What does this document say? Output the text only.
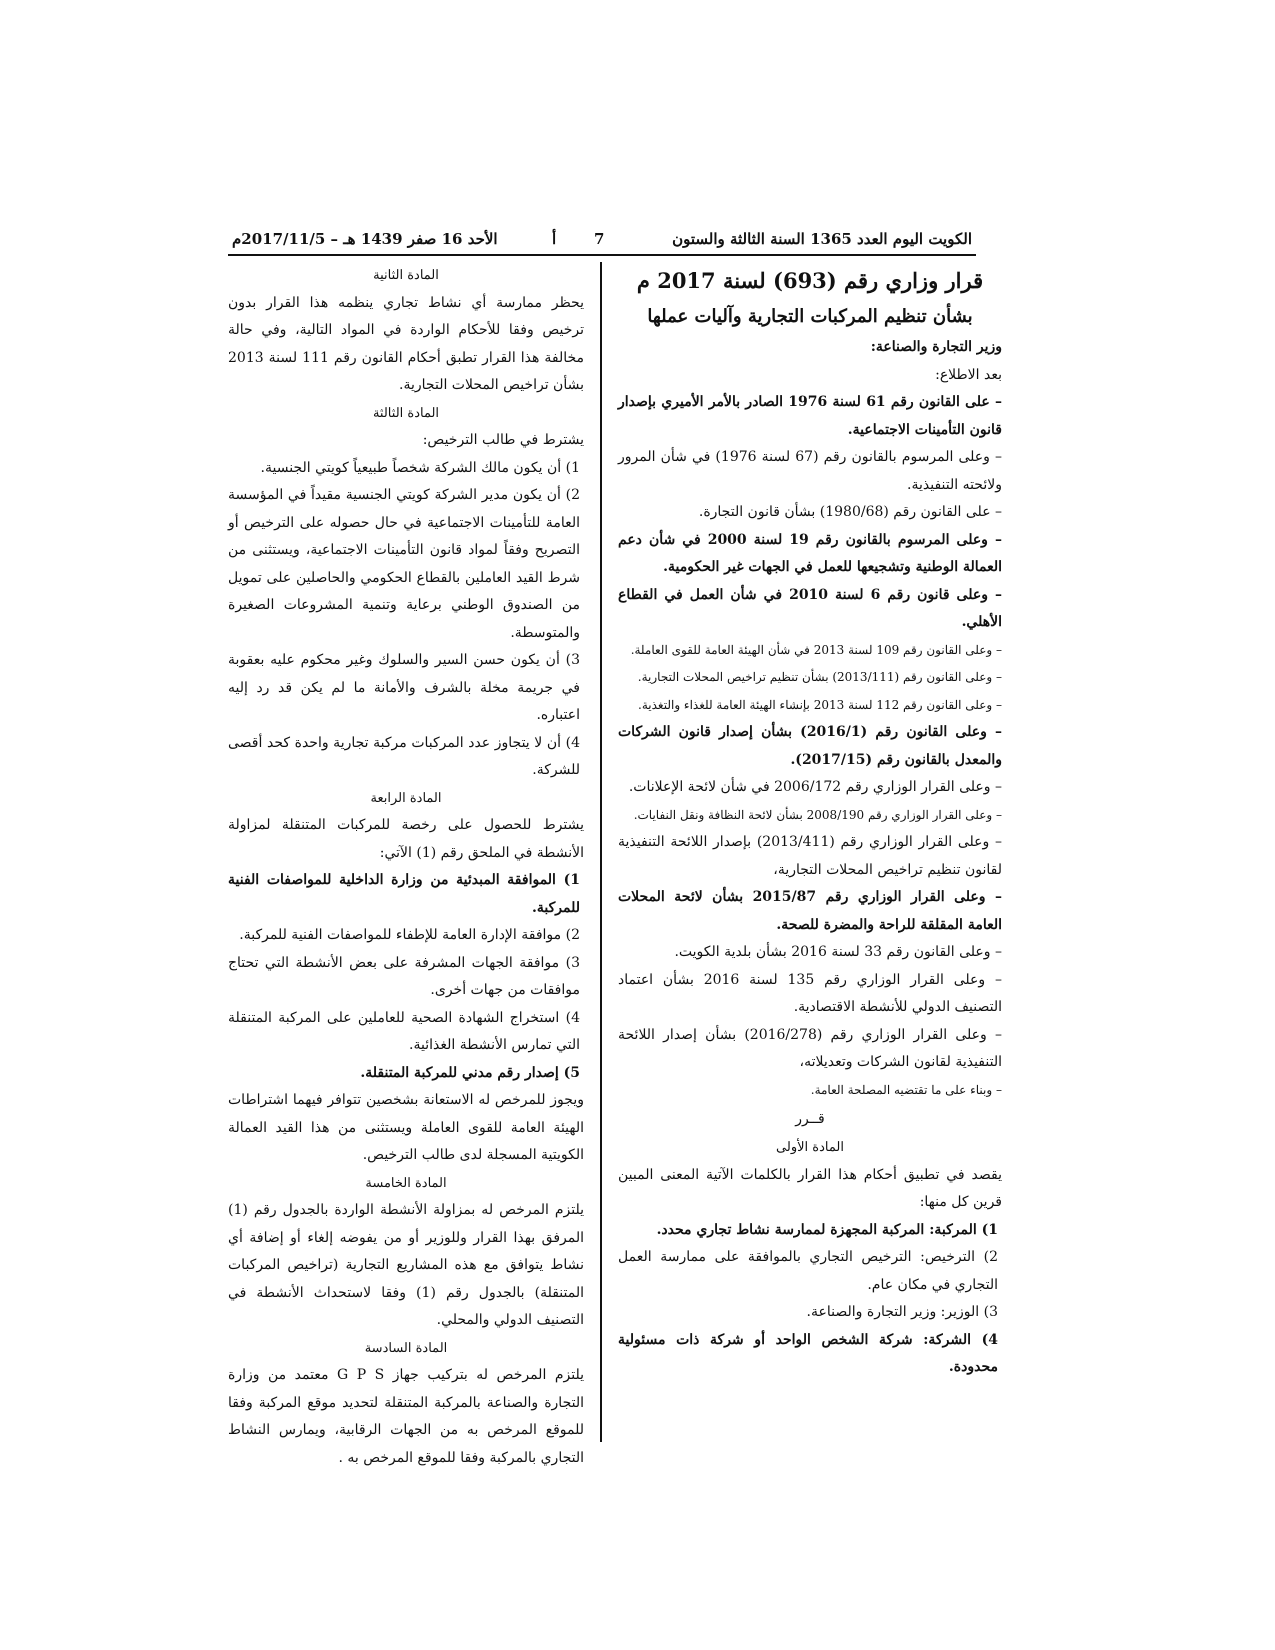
الكويت اليوم العدد 1365 السنة الثالثة والستون
7
أ
الأحد 16 صفر 1439 هـ – 2017/11/5م

قرار وزاري رقم (693) لسنة 2017 م

بشأن تنظيم المركبات التجارية وآليات عملها

وزير التجارة والصناعة:

بعد الاطلاع:

– على القانون رقم 61 لسنة 1976 الصادر بالأمر الأميري بإصدار قانون التأمينات الاجتماعية.

– وعلى المرسوم بالقانون رقم (67 لسنة 1976) في شأن المرور ولائحته التنفيذية.

– على القانون رقم (1980/68) بشأن قانون التجارة.

– وعلى المرسوم بالقانون رقم 19 لسنة 2000 في شأن دعم العمالة الوطنية وتشجيعها للعمل في الجهات غير الحكومية.

– وعلى قانون رقم 6 لسنة 2010 في شأن العمل في القطاع الأهلي.

– وعلى القانون رقم 109 لسنة 2013 في شأن الهيئة العامة للقوى العاملة.

– وعلى القانون رقم (2013/111) بشأن تنظيم تراخيص المحلات التجارية.

– وعلى القانون رقم 112 لسنة 2013 بإنشاء الهيئة العامة للغذاء والتغذية.

– وعلى القانون رقم (2016/1) بشأن إصدار قانون الشركات والمعدل بالقانون رقم (2017/15).

– وعلى القرار الوزاري رقم 2006/172 في شأن لائحة الإعلانات.

– وعلى القرار الوزاري رقم 2008/190 بشأن لائحة النظافة ونقل النفايات.

– وعلى القرار الوزاري رقم (2013/411) بإصدار اللائحة التنفيذية لقانون تنظيم تراخيص المحلات التجارية،

– وعلى القرار الوزاري رقم 2015/87 بشأن لائحة المحلات العامة المقلقة للراحة والمضرة للصحة.

– وعلى القانون رقم 33 لسنة 2016 بشأن بلدية الكويت.

– وعلى القرار الوزاري رقم 135 لسنة 2016 بشأن اعتماد التصنيف الدولي للأنشطة الاقتصادية.

– وعلى القرار الوزاري رقم (2016/278) بشأن إصدار اللائحة التنفيذية لقانون الشركات وتعديلاته،

– وبناء على ما تقتضيه المصلحة العامة.

قــرر

المادة الأولى

يقصد في تطبيق أحكام هذا القرار بالكلمات الآتية المعنى المبين قرين كل منها:

1) المركبة: المركبة المجهزة لممارسة نشاط تجاري محدد.

2) الترخيص: الترخيص التجاري بالموافقة على ممارسة العمل التجاري في مكان عام.

3) الوزير: وزير التجارة والصناعة.

4) الشركة: شركة الشخص الواحد أو شركة ذات مسئولية محدودة.

المادة الثانية

يحظر ممارسة أي نشاط تجاري ينظمه هذا القرار بدون ترخيص وفقا للأحكام الواردة في المواد التالية، وفي حالة مخالفة هذا القرار تطبق أحكام القانون رقم 111 لسنة 2013 بشأن تراخيص المحلات التجارية.

المادة الثالثة

يشترط في طالب الترخيص:

1) أن يكون مالك الشركة شخصاً طبيعياً كويتي الجنسية.

2) أن يكون مدير الشركة كويتي الجنسية مقيداً في المؤسسة العامة للتأمينات الاجتماعية في حال حصوله على الترخيص أو التصريح وفقاً لمواد قانون التأمينات الاجتماعية، ويستثنى من شرط القيد العاملين بالقطاع الحكومي والحاصلين على تمويل من الصندوق الوطني برعاية وتنمية المشروعات الصغيرة والمتوسطة.

3) أن يكون حسن السير والسلوك وغير محكوم عليه بعقوبة في جريمة مخلة بالشرف والأمانة ما لم يكن قد رد إليه اعتباره.

4) أن لا يتجاوز عدد المركبات مركبة تجارية واحدة كحد أقصى للشركة.

المادة الرابعة

يشترط للحصول على رخصة للمركبات المتنقلة لمزاولة الأنشطة في الملحق رقم (1) الآتي:

1) الموافقة المبدئية من وزارة الداخلية للمواصفات الفنية للمركبة.

2) موافقة الإدارة العامة للإطفاء للمواصفات الفنية للمركبة.

3) موافقة الجهات المشرفة على بعض الأنشطة التي تحتاج موافقات من جهات أخرى.

4) استخراج الشهادة الصحية للعاملين على المركبة المتنقلة التي تمارس الأنشطة الغذائية.

5) إصدار رقم مدني للمركبة المتنقلة.

ويجوز للمرخص له الاستعانة بشخصين تتوافر فيهما اشتراطات الهيئة العامة للقوى العاملة ويستثنى من هذا القيد العمالة الكويتية المسجلة لدى طالب الترخيص.

المادة الخامسة

يلتزم المرخص له بمزاولة الأنشطة الواردة بالجدول رقم (1) المرفق بهذا القرار وللوزير أو من يفوضه إلغاء أو إضافة أي نشاط يتوافق مع هذه المشاريع التجارية (تراخيص المركبات المتنقلة) بالجدول رقم (1) وفقا لاستحداث الأنشطة في التصنيف الدولي والمحلي.

المادة السادسة

يلتزم المرخص له بتركيب جهاز G P S معتمد من وزارة التجارة والصناعة بالمركبة المتنقلة لتحديد موقع المركبة وفقا للموقع المرخص به من الجهات الرقابية، ويمارس النشاط التجاري بالمركبة وفقا للموقع المرخص به .
